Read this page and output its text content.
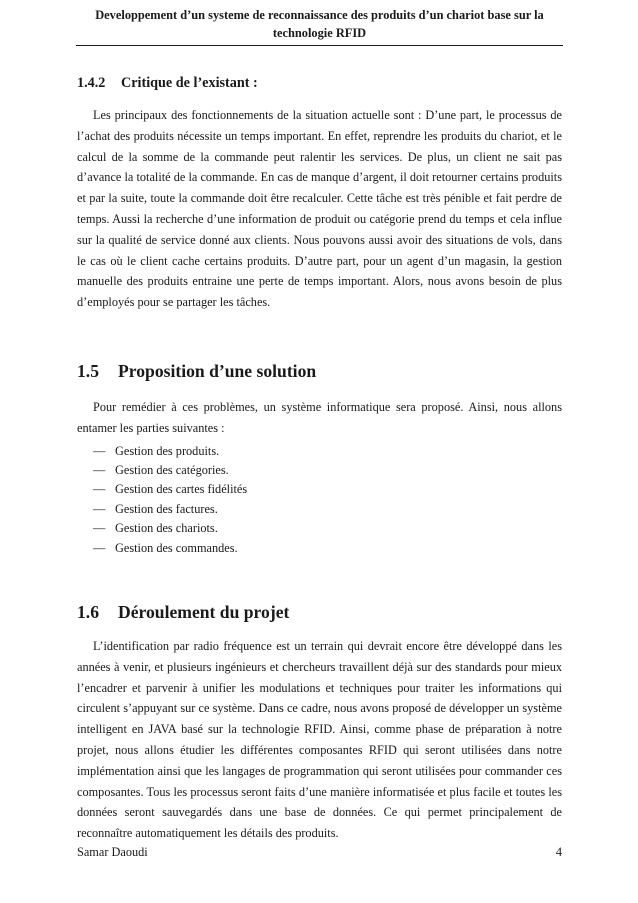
Developpement d’un systeme de reconnaissance des produits d’un chariot base sur la technologie RFID
1.4.2 Critique de l’existant :

Les principaux des fonctionnements de la situation actuelle sont : D’une part, le processus de l’achat des produits nécessite un temps important. En effet, reprendre les produits du chariot, et le calcul de la somme de la commande peut ralentir les services. De plus, un client ne sait pas d’avance la totalité de la commande. En cas de manque d’argent, il doit retourner certains produits et par la suite, toute la commande doit être recalculer. Cette tâche est très pénible et fait perdre de temps. Aussi la recherche d’une information de produit ou catégorie prend du temps et cela influe sur la qualité de service donné aux clients. Nous pouvons aussi avoir des situations de vols, dans le cas où le client cache certains produits. D’autre part, pour un agent d’un magasin, la gestion manuelle des produits entraine une perte de temps important. Alors, nous avons besoin de plus d’employés pour se partager les tâches.

1.5 Proposition d’une solution

Pour remédier à ces problèmes, un système informatique sera proposé. Ainsi, nous allons entamer les parties suivantes :

— Gestion des produits.
— Gestion des catégories.
— Gestion des cartes fidélités
— Gestion des factures.
— Gestion des chariots.
— Gestion des commandes.
1.6 Déroulement du projet

L’identification par radio fréquence est un terrain qui devrait encore être développé dans les années à venir, et plusieurs ingénieurs et chercheurs travaillent déjà sur des standards pour mieux l’encadrer et parvenir à unifier les modulations et techniques pour traiter les informations qui circulent s’appuyant sur ce système. Dans ce cadre, nous avons proposé de développer un système intelligent en JAVA basé sur la technologie RFID. Ainsi, comme phase de préparation à notre projet, nous allons étudier les différentes composantes RFID qui seront utilisées dans notre implémentation ainsi que les langages de programmation qui seront utilisées pour commander ces composantes. Tous les processus seront faits d’une manière informatisée et plus facile et toutes les données seront sauvegardés dans une base de données. Ce qui permet principalement de reconnaître automatiquement les détails des produits.

Samar Daoudi	4
